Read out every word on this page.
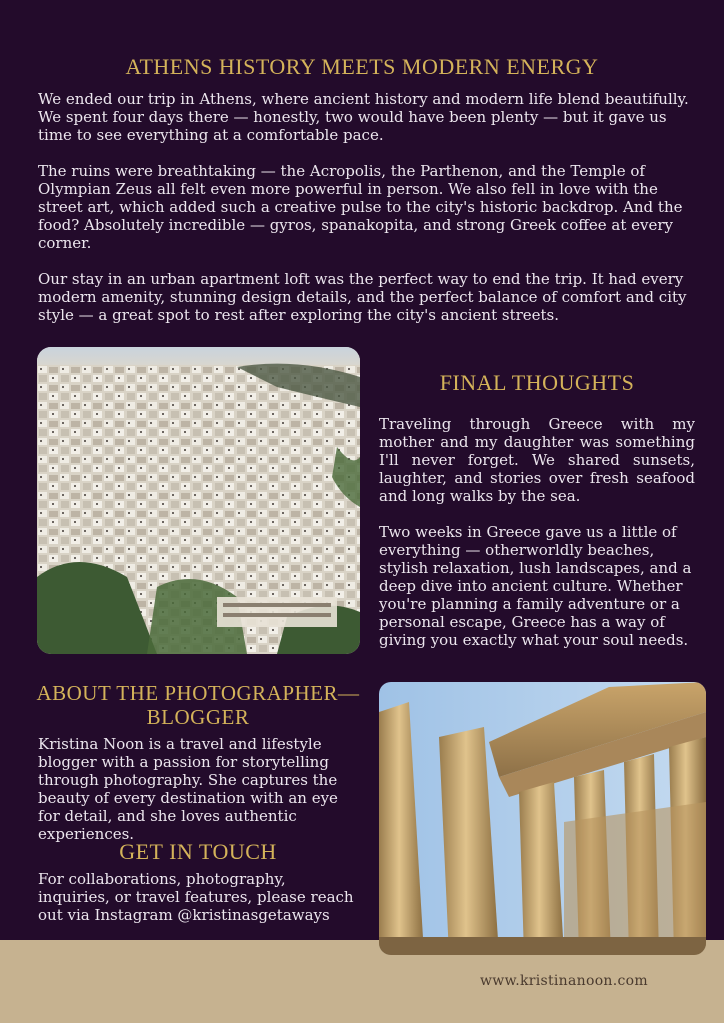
ATHENS HISTORY MEETS MODERN ENERGY

We ended our trip in Athens, where ancient history and modern life blend beautifully. We spent four days there — honestly, two would have been plenty — but it gave us time to see everything at a comfortable pace.

The ruins were breathtaking — the Acropolis, the Parthenon, and the Temple of Olympian Zeus all felt even more powerful in person. We also fell in love with the street art, which added such a creative pulse to the city's historic backdrop. And the food? Absolutely incredible — gyros, spanakopita, and strong Greek coffee at every corner.

Our stay in an urban apartment loft was the perfect way to end the trip. It had every modern amenity, stunning design details, and the perfect balance of comfort and city style — a great spot to rest after exploring the city's ancient streets.

FINAL THOUGHTS

Traveling through Greece with my mother and my daughter was something I'll never forget. We shared sunsets, laughter, and stories over fresh seafood and long walks by the sea.

Two weeks in Greece gave us a little of everything — otherworldly beaches, stylish relaxation, lush landscapes, and a deep dive into ancient culture. Whether you're planning a family adventure or a personal escape, Greece has a way of giving you exactly what your soul needs.

ABOUT THE PHOTOGRAPHER—
BLOGGER

Kristina Noon is a travel and lifestyle blogger with a passion for storytelling through photography. She captures the beauty of every destination with an eye for detail, and she loves authentic experiences.

GET IN TOUCH

For collaborations, photography, inquiries, or travel features, please reach out via Instagram @kristinasgetaways

www.kristinanoon.com
